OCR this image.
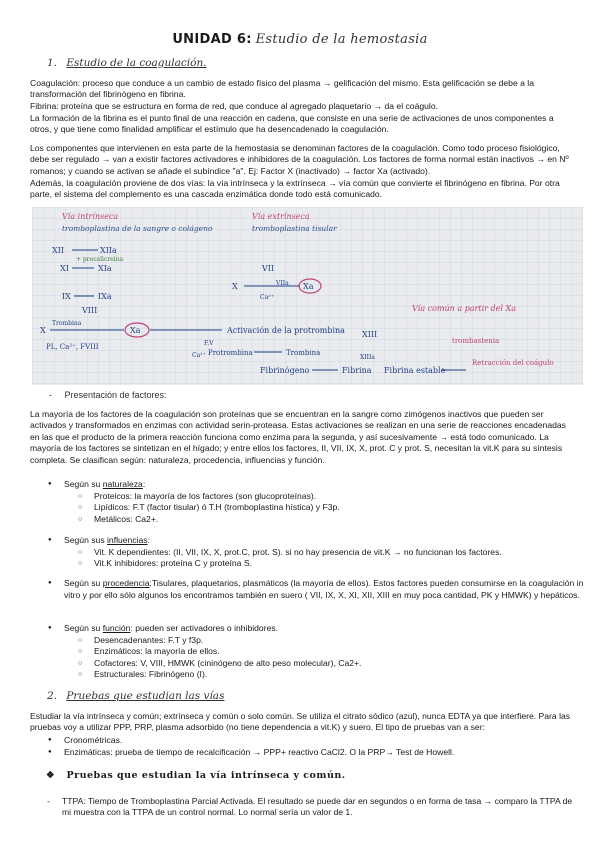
UNIDAD 6: Estudio de la hemostasia
1. Estudio de la coagulación.
Coagulación: proceso que conduce a un cambio de estado físico del plasma → gelificación del mismo. Esta gelificación se debe a la transformación del fibrinógeno en fibrina.
Fibrina: proteína que se estructura en forma de red, que conduce al agregado plaquetario → da el coágulo.
La formación de la fibrina es el punto final de una reacción en cadena, que consiste en una serie de activaciones de unos componentes a otros, y que tiene como finalidad amplificar el estímulo que ha desencadenado la coagulación.
Los componentes que intervienen en esta parte de la hemostasia se denominan factores de la coagulación. Como todo proceso fisiológico, debe ser regulado → van a existir factores activadores e inhibidores de la coagulación. Los factores de forma normal están inactivos → en Nº romanos; y cuando se activan se añade el subíndice "a". Ej: Factor X (inactivado) → factor Xa (activado).
Además, la coagulación proviene de dos vías: la vía intrínseca y la extrínseca → vía común que convierte el fibrinógeno en fibrina. Por otra parte, el sistema del complemento es una cascada enzimática donde todo está comunicado.
Vía intrínseca
tromboplastina de la sangre o colágeno
Vía extrínseca
tromboplastina tisular
Vía común a partir del Xa
XII	XIIa
+ precalicreína
XI	XIa
IX	IXa
VIII
Trombina
X	Xa
PL, Ca²⁺, FVIII
VII
X	Xa
VIIa
Ca²⁺
Activación de la protrombina
F.V
Ca²⁺ Protrombina	Trombina
XIII
XIIIa
Fibrinógeno	Fibrina Fibrina estable
Retracción del coágulo
trombastenia
-     Presentación de factores:
La mayoría de los factores de la coagulación son proteínas que se encuentran en la sangre como zimógenos inactivos que pueden ser activados y transformados en enzimas con actividad serin-proteasa. Estas activaciones se realizan en una serie de reacciones encadenadas en las que el producto de la primera reacción funciona como enzima para la segunda, y así sucesivamente → está todo comunicado. La mayoría de los factores se sintetizan en el hígado; y entre ellos los factores, II, VII, IX, X, prot. C y prot. S, necesitan la vit.K para su síntesis completa. Se clasifican según: naturaleza, procedencia, influencias y función.
● Según su naturaleza:
○ Proteicos: la mayoría de los factores (son glucoproteínas).
○ Lipídicos: F.T (factor tisular) ó T.H (tromboplastina hística) y F3p.
○ Metálicos: Ca2+.
● Según sus influencias:
○ Vit. K dependientes: (II, VII, IX, X, prot.C, prot. S). si no hay presencia de vit.K → no funcionan los factores.
○ Vit.K inhibidores: proteína C y proteína S.
● Según su procedencia:Tisulares, plaquetarios, plasmáticos (la mayoría de ellos). Estos factores pueden consumirse en la coagulación in vitro y por ello sólo algunos los encontramos también en suero ( VII, IX, X, XI, XII, XIII en muy poca cantidad, PK y HMWK) y hepáticos.
● Según su función: pueden ser activadores o inhibidores.
○ Desencadenantes: F.T y f3p.
○ Enzimáticos: la mayoría de ellos.
○ Cofactores: V, VIII, HMWK (cininógeno de alto peso molecular), Ca2+.
○ Estructurales: Fibrinógeno (I).
2. Pruebas que estudian las vías
Estudiar la vía intrínseca y común; extrínseca y común o solo común. Se utiliza el citrato sódico (azul), nunca EDTA ya que interfiere. Para las pruebas voy a utilizar PPP, PRP, plasma adsorbido (no tiene dependencia a vit.K) y suero. El tipo de pruebas van a ser:
● Cronométricas.
● Enzimáticas: prueba de tiempo de recalcificación → PPP+ reactivo CaCl2. O la PRP→ Test de Howell.
❖   Pruebas que estudian la vía intrínseca y común.
-	TTPA: Tiempo de Tromboplastina Parcial Activada. El resultado se puede dar en segundos o en forma de tasa → comparo la TTPA de mi muestra con la TTPA de un control normal. Lo normal sería un valor de 1.
